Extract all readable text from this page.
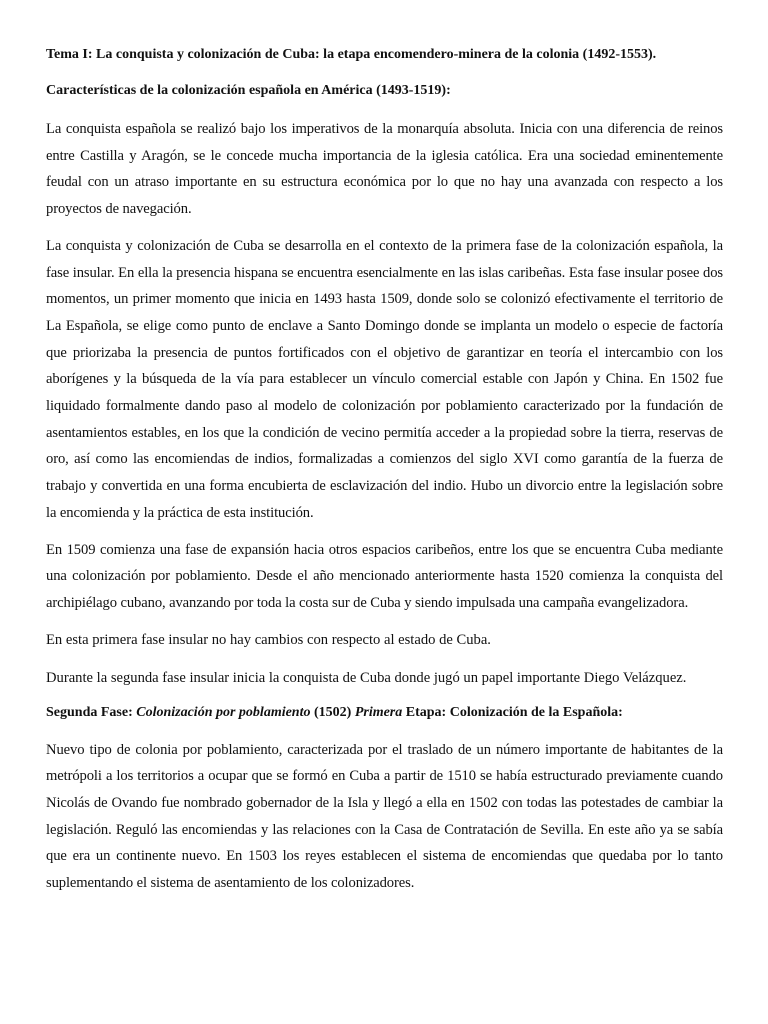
Tema I: La conquista y colonización de Cuba: la etapa encomendero-minera de la colonia (1492-1553).

Características de la colonización española en América (1493-1519):

La conquista española se realizó bajo los imperativos de la monarquía absoluta. Inicia con una diferencia de reinos entre Castilla y Aragón, se le concede mucha importancia de la iglesia católica. Era una sociedad eminentemente feudal con un atraso importante en su estructura económica por lo que no hay una avanzada con respecto a los proyectos de navegación.

La conquista y colonización de Cuba se desarrolla en el contexto de la primera fase de la colonización española, la fase insular. En ella la presencia hispana se encuentra esencialmente en las islas caribeñas. Esta fase insular posee dos momentos, un primer momento que inicia en 1493 hasta 1509, donde solo se colonizó efectivamente el territorio de La Española, se elige como punto de enclave a Santo Domingo donde se implanta un modelo o especie de factoría que priorizaba la presencia de puntos fortificados con el objetivo de garantizar en teoría el intercambio con los aborígenes y la búsqueda de la vía para establecer un vínculo comercial estable con Japón y China. En 1502 fue liquidado formalmente dando paso al modelo de colonización por poblamiento caracterizado por la fundación de asentamientos estables, en los que la condición de vecino permitía acceder a la propiedad sobre la tierra, reservas de oro, así como las encomiendas de indios, formalizadas a comienzos del siglo XVI como garantía de la fuerza de trabajo y convertida en una forma encubierta de esclavización del indio. Hubo un divorcio entre la legislación sobre la encomienda y la práctica de esta institución.

En 1509 comienza una fase de expansión hacia otros espacios caribeños, entre los que se encuentra Cuba mediante una colonización por poblamiento. Desde el año mencionado anteriormente hasta 1520 comienza la conquista del archipiélago cubano, avanzando por toda la costa sur de Cuba y siendo impulsada una campaña evangelizadora.

En esta primera fase insular no hay cambios con respecto al estado de Cuba.

Durante la segunda fase insular inicia la conquista de Cuba donde jugó un papel importante Diego Velázquez.

Segunda Fase: Colonización por poblamiento (1502) Primera Etapa: Colonización de la Española:

Nuevo tipo de colonia por poblamiento, caracterizada por el traslado de un número importante de habitantes de la metrópoli a los territorios a ocupar que se formó en Cuba a partir de 1510 se había estructurado previamente cuando Nicolás de Ovando fue nombrado gobernador de la Isla y llegó a ella en 1502 con todas las potestades de cambiar la legislación. Reguló las encomiendas y las relaciones con la Casa de Contratación de Sevilla. En este año ya se sabía que era un continente nuevo. En 1503 los reyes establecen el sistema de encomiendas que quedaba por lo tanto suplementando el sistema de asentamiento de los colonizadores.
